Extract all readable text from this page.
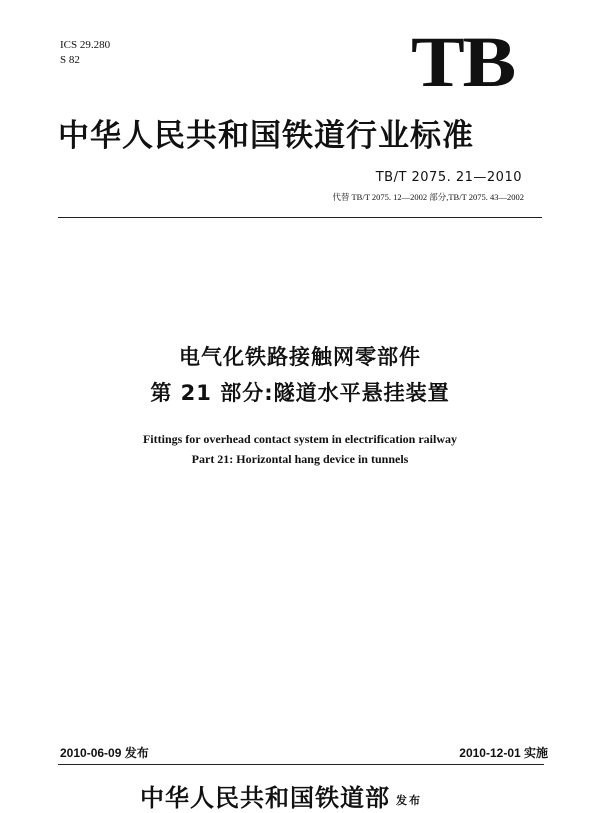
ICS 29.280
S 82	TB
中华人民共和国铁道行业标准
TB/T 2075. 21—2010
代替 TB/T 2075. 12—2002 部分,TB/T 2075. 43—2002
电气化铁路接触网零部件
第 21 部分:隧道水平悬挂装置
Fittings for overhead contact system in electrification railway
Part 21: Horizontal hang device in tunnels
2010-06-09 发布	2010-12-01 实施
中华人民共和国铁道部 发布
